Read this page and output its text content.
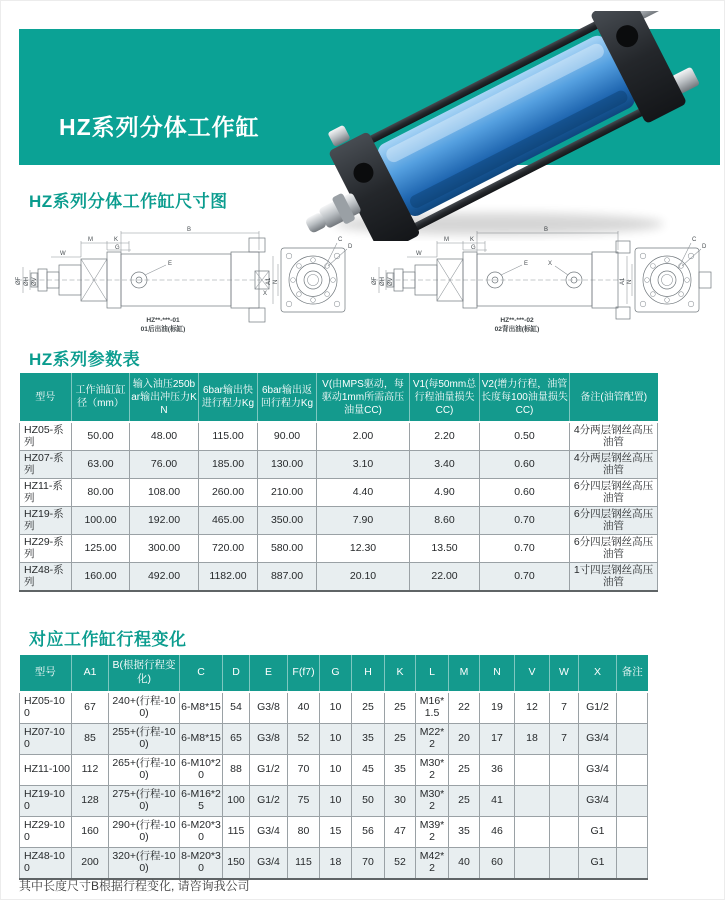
HZ系列分体工作缸
HZ系列分体工作缸尺寸图
B
M	K
G
W
ØF ØH ØV
E
X
A1 N
C
D
HZ**-***-01
01后出油(标缸)
B
M	K
G
W
ØF ØH ØV
E	X
A1 N
C
D
HZ**-***-02
02背出油(标缸)
HZ系列参数表
型号	工作油缸缸径（mm）	输入油压250bar输出冲压力KN	6bar输出快进行程力Kg	6bar输出返回行程力Kg	V(由MPS驱动，每驱动1mm所需高压油量CC)	V1(每50mm总行程油量损失CC)	V2(增力行程，油管长度每100油量损失CC)	备注(油管配置)
HZ05-系列	50.00	48.00	115.00	90.00	2.00	2.20	0.50	4分两层钢丝高压油管
HZ07-系列	63.00	76.00	185.00	130.00	3.10	3.40	0.60	4分两层钢丝高压油管
HZ11-系列	80.00	108.00	260.00	210.00	4.40	4.90	0.60	6分四层钢丝高压油管
HZ19-系列	100.00	192.00	465.00	350.00	7.90	8.60	0.70	6分四层钢丝高压油管
HZ29-系列	125.00	300.00	720.00	580.00	12.30	13.50	0.70	6分四层钢丝高压油管
HZ48-系列	160.00	492.00	1182.00	887.00	20.10	22.00	0.70	1寸四层钢丝高压油管
对应工作缸行程变化
型号	A1	B(根据行程变化)	C	D	E	F(f7)	G	H	K	L	M	N	V	W	X	备注
HZ05-100	67	240+(行程-100)	6-M8*15	54	G3/8	40	10	25	25	M16*1.5	22	19	12	7	G1/2	
HZ07-100	85	255+(行程-100)	6-M8*15	65	G3/8	52	10	35	25	M22*2	20	17	18	7	G3/4	
HZ11-100	112	265+(行程-100)	6-M10*20	88	G1/2	70	10	45	35	M30*2	25	36			G3/4	
HZ19-100	128	275+(行程-100)	6-M16*25	100	G1/2	75	10	50	30	M30*2	25	41			G3/4	
HZ29-100	160	290+(行程-100)	6-M20*30	115	G3/4	80	15	56	47	M39*2	35	46			G1	
HZ48-100	200	320+(行程-100)	8-M20*30	150	G3/4	115	18	70	52	M42*2	40	60			G1	
其中长度尺寸B根据行程变化, 请咨询我公司
